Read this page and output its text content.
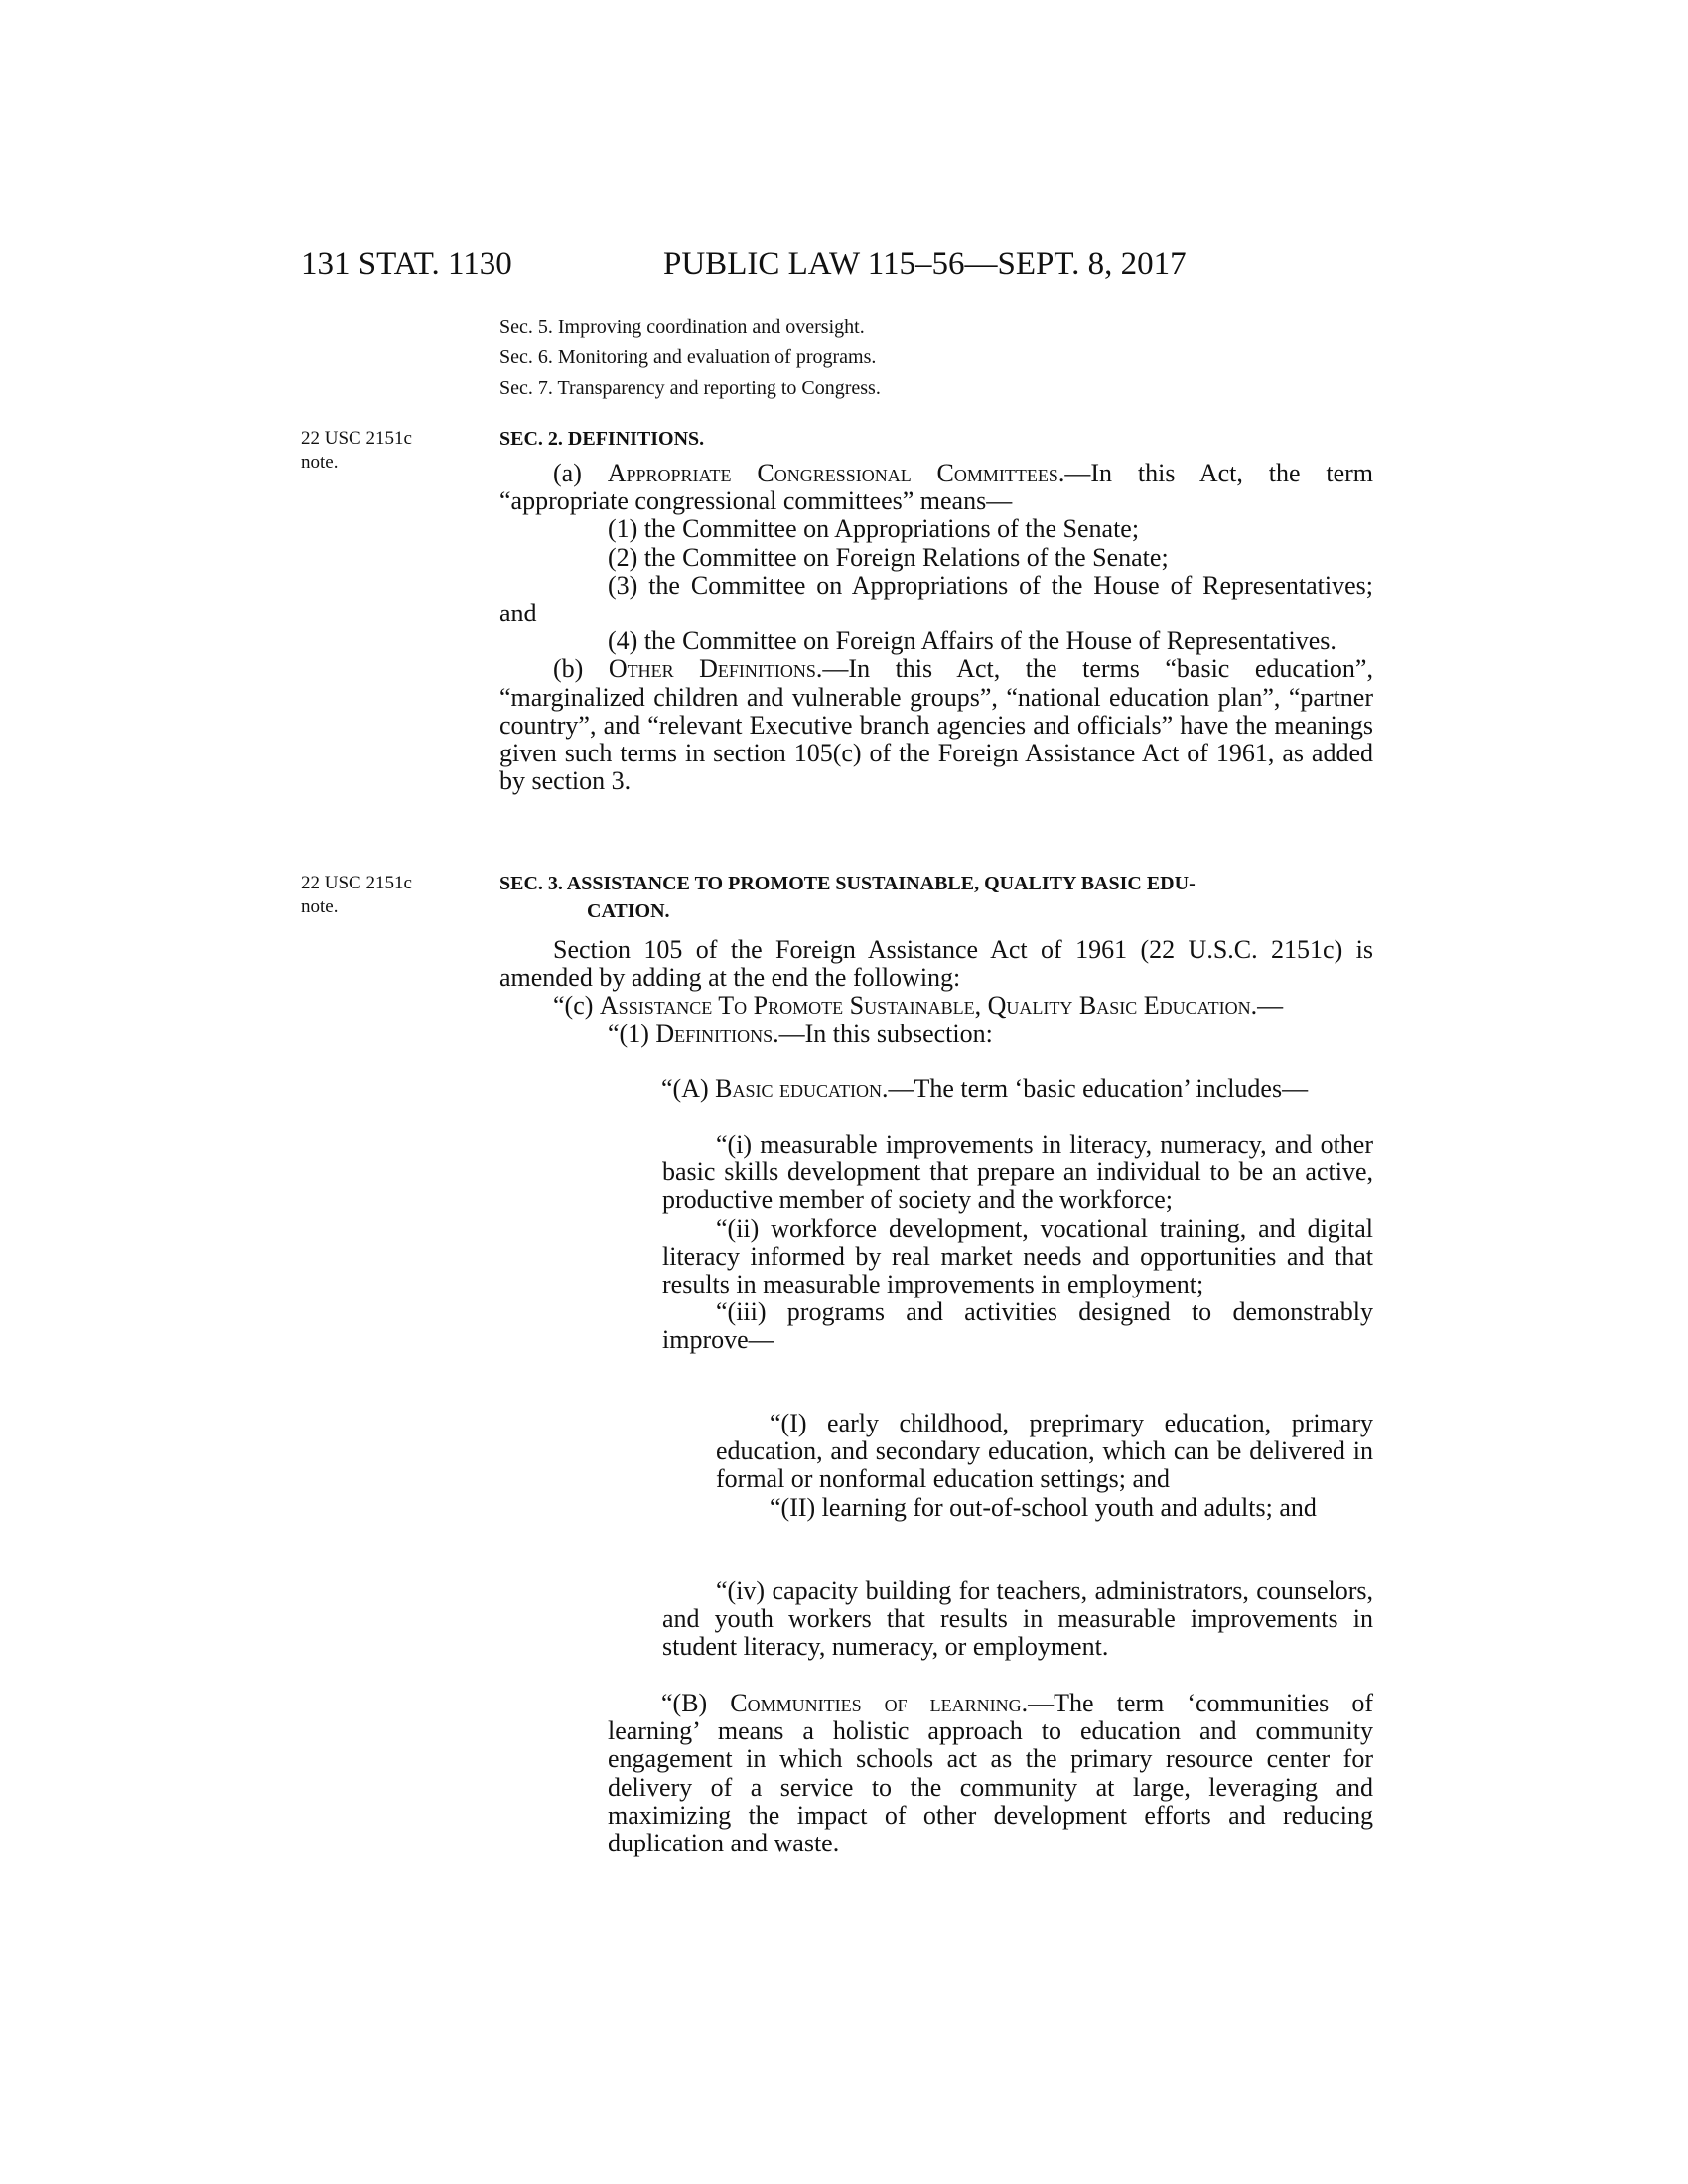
131 STAT. 1130	PUBLIC LAW 115–56—SEPT. 8, 2017
Sec. 5. Improving coordination and oversight.
Sec. 6. Monitoring and evaluation of programs.
Sec. 7. Transparency and reporting to Congress.
22 USC 2151c
note.
SEC. 2. DEFINITIONS.

(a) Appropriate Congressional Committees.—In this Act, the term “appropriate congressional committees” means—

(1) the Committee on Appropriations of the Senate;

(2) the Committee on Foreign Relations of the Senate;

(3) the Committee on Appropriations of the House of Representatives; and

(4) the Committee on Foreign Affairs of the House of Representatives.

(b) Other Definitions.—In this Act, the terms “basic education”, “marginalized children and vulnerable groups”, “national education plan”, “partner country”, and “relevant Executive branch agencies and officials” have the meanings given such terms in section 105(c) of the Foreign Assistance Act of 1961, as added by section 3.

22 USC 2151c
note.
SEC. 3. ASSISTANCE TO PROMOTE SUSTAINABLE, QUALITY BASIC EDU-
CATION.

Section 105 of the Foreign Assistance Act of 1961 (22 U.S.C. 2151c) is amended by adding at the end the following:

“(c) Assistance To Promote Sustainable, Quality Basic Education.—

“(1) Definitions.—In this subsection:

“(A) Basic education.—The term ‘basic education’ includes—

“(i) measurable improvements in literacy, numeracy, and other basic skills development that prepare an individual to be an active, productive member of society and the workforce;

“(ii) workforce development, vocational training, and digital literacy informed by real market needs and opportunities and that results in measurable improvements in employment;

“(iii) programs and activities designed to demonstrably improve—

“(I) early childhood, preprimary education, primary education, and secondary education, which can be delivered in formal or nonformal education settings; and

“(II) learning for out-of-school youth and adults; and

“(iv) capacity building for teachers, administrators, counselors, and youth workers that results in measurable improvements in student literacy, numeracy, or employment.

“(B) Communities of learning.—The term ‘communities of learning’ means a holistic approach to education and community engagement in which schools act as the primary resource center for delivery of a service to the community at large, leveraging and maximizing the impact of other development efforts and reducing duplication and waste.
